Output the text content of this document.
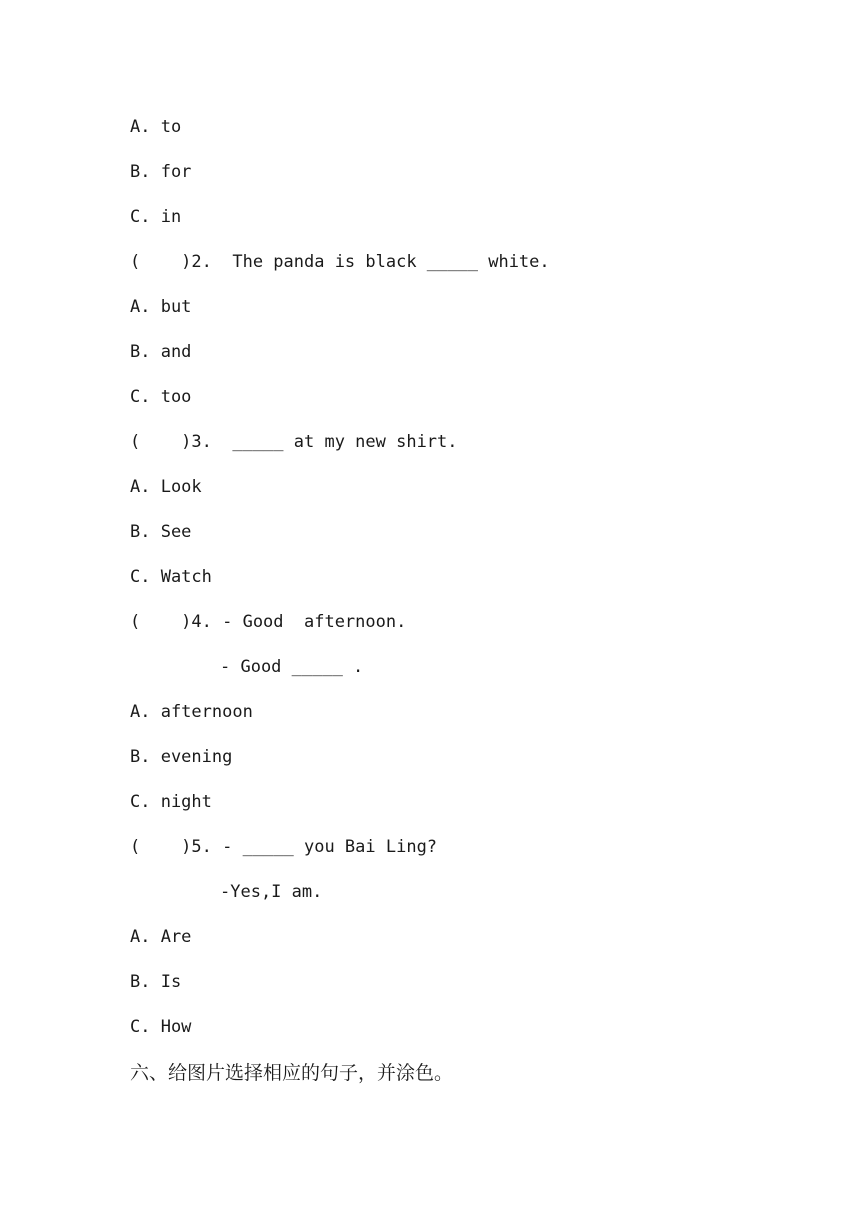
A. to
B. for
C. in
(    )2.  The panda is black _____ white.
A. but
B. and
C. too
(    )3.  _____ at my new shirt.
A. Look
B. See
C. Watch
(    )4. - Good  afternoon.
- Good _____ .
A. afternoon
B. evening
C. night
(    )5. - _____ you Bai Ling?
-Yes,I am.
A. Are
B. Is
C. How
六、给图片选择相应的句子，并涂色。
